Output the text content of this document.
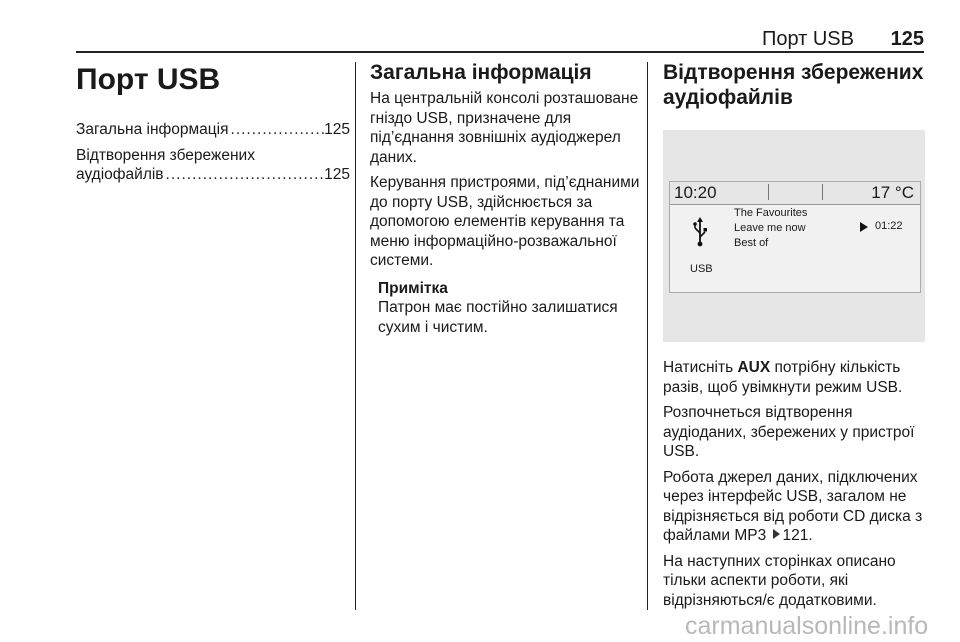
Порт USB 125
Порт USB
Загальна інформація .....	125
Відтворення збережених
аудіофайлів .....	125
Загальна інформація

На центральній консолі розташоване гніздо USB, призначене для під’єднання зовнішніх аудіоджерел даних.

Керування пристроями, під’єднаними до порту USB, здійснюється за допомогою елементів керування та меню інформаційно-розважальної системи.

Примітка
Патрон має постійно залишатися сухим і чистим.
Відтворення збережених аудіофайлів
10:20	17 °C
USB
The Favourites
Leave me now
Best of
01:22

Натисніть AUX потрібну кількість разів, щоб увімкнути режим USB.

Розпочнеться відтворення аудіоданих, збережених у пристрої USB.

Робота джерел даних, підключених через інтерфейс USB, загалом не відрізняється від роботи CD диска з файлами MP3 121.

На наступних сторінках описано тільки аспекти роботи, які відрізняються/є додатковими.

carmanualsonline.info
